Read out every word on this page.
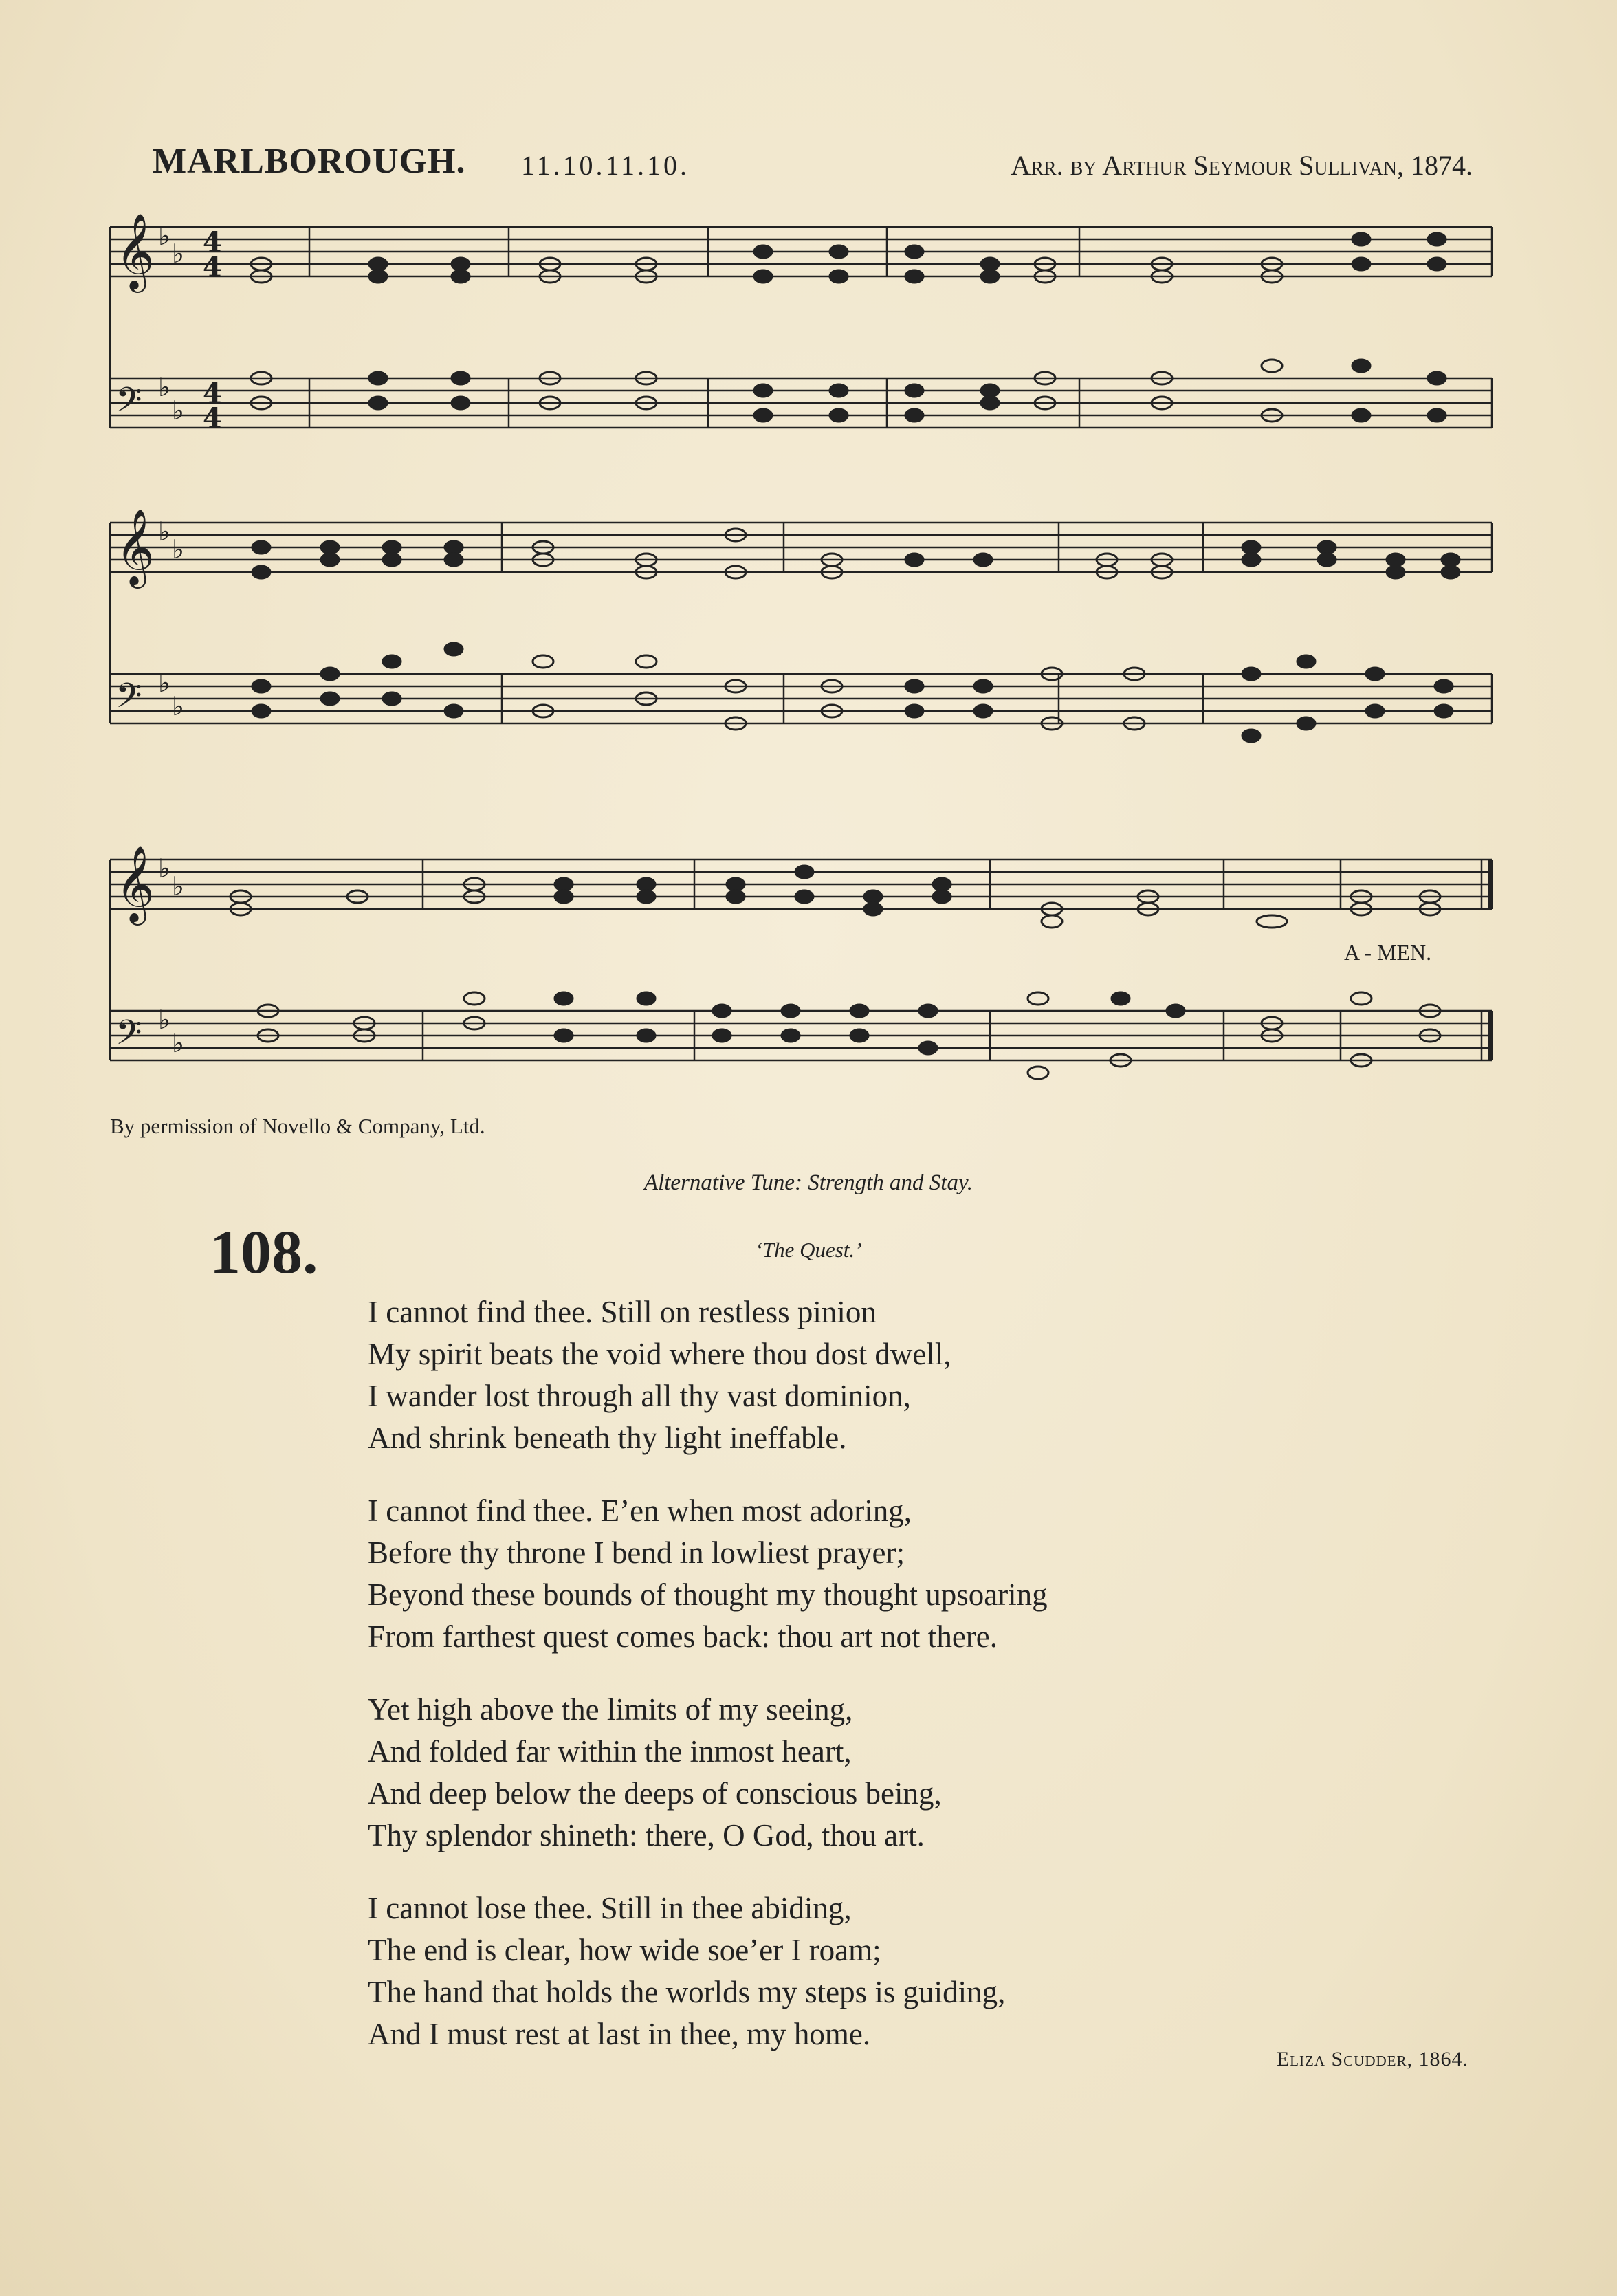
MARLBOROUGH. 11.10.11.10.	Arr. by Arthur Seymour Sullivan, 1874.
𝄞
𝄢
♭
♭
♭
♭
4
4
4
4
𝄞
𝄢
♭
♭
♭
♭
𝄞
𝄢
♭
♭
♭
♭
A - MEN.
By permission of Novello & Company, Ltd.
Alternative Tune: Strength and Stay.
108.	‘The Quest.’
I cannot find thee. Still on restless pinion
My spirit beats the void where thou dost dwell,
I wander lost through all thy vast dominion,
And shrink beneath thy light ineffable.
I cannot find thee. E’en when most adoring,
Before thy throne I bend in lowliest prayer;
Beyond these bounds of thought my thought upsoaring
From farthest quest comes back: thou art not there.
Yet high above the limits of my seeing,
And folded far within the inmost heart,
And deep below the deeps of conscious being,
Thy splendor shineth: there, O God, thou art.
I cannot lose thee. Still in thee abiding,
The end is clear, how wide soe’er I roam;
The hand that holds the worlds my steps is guiding,
And I must rest at last in thee, my home.
Eliza Scudder, 1864.
